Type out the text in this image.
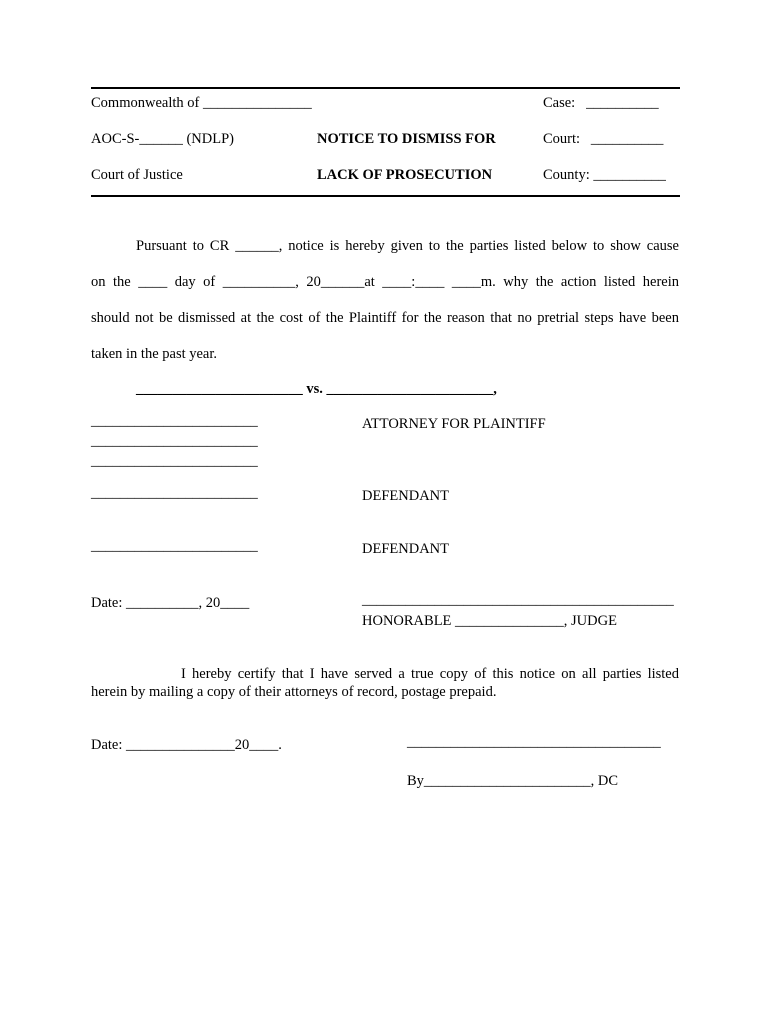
Commonwealth of _______________	Case:   __________
AOC-S-______ (NDLP)	NOTICE TO DISMISS FOR	Court:   __________
Court of Justice	LACK OF PROSECUTION	County: __________
Pursuant to CR ______, notice is hereby given to the parties listed below to show cause
on the ____ day of __________, 20______at ____:____ ____m. why the action listed herein
should not be dismissed at the cost of the Plaintiff for the reason that no pretrial steps have been
taken in the past year.
_______________________ vs. _______________________,
_______________________
_______________________
_______________________
ATTORNEY FOR PLAINTIFF
_______________________	DEFENDANT
_______________________	DEFENDANT
Date: __________, 20____	___________________________________________
HONORABLE _______________, JUDGE
I hereby certify that I have served a true copy of this notice on all parties listed
herein by mailing a copy of their attorneys of record, postage prepaid.
Date: _______________20____.	___________________________________
By_______________________, DC
